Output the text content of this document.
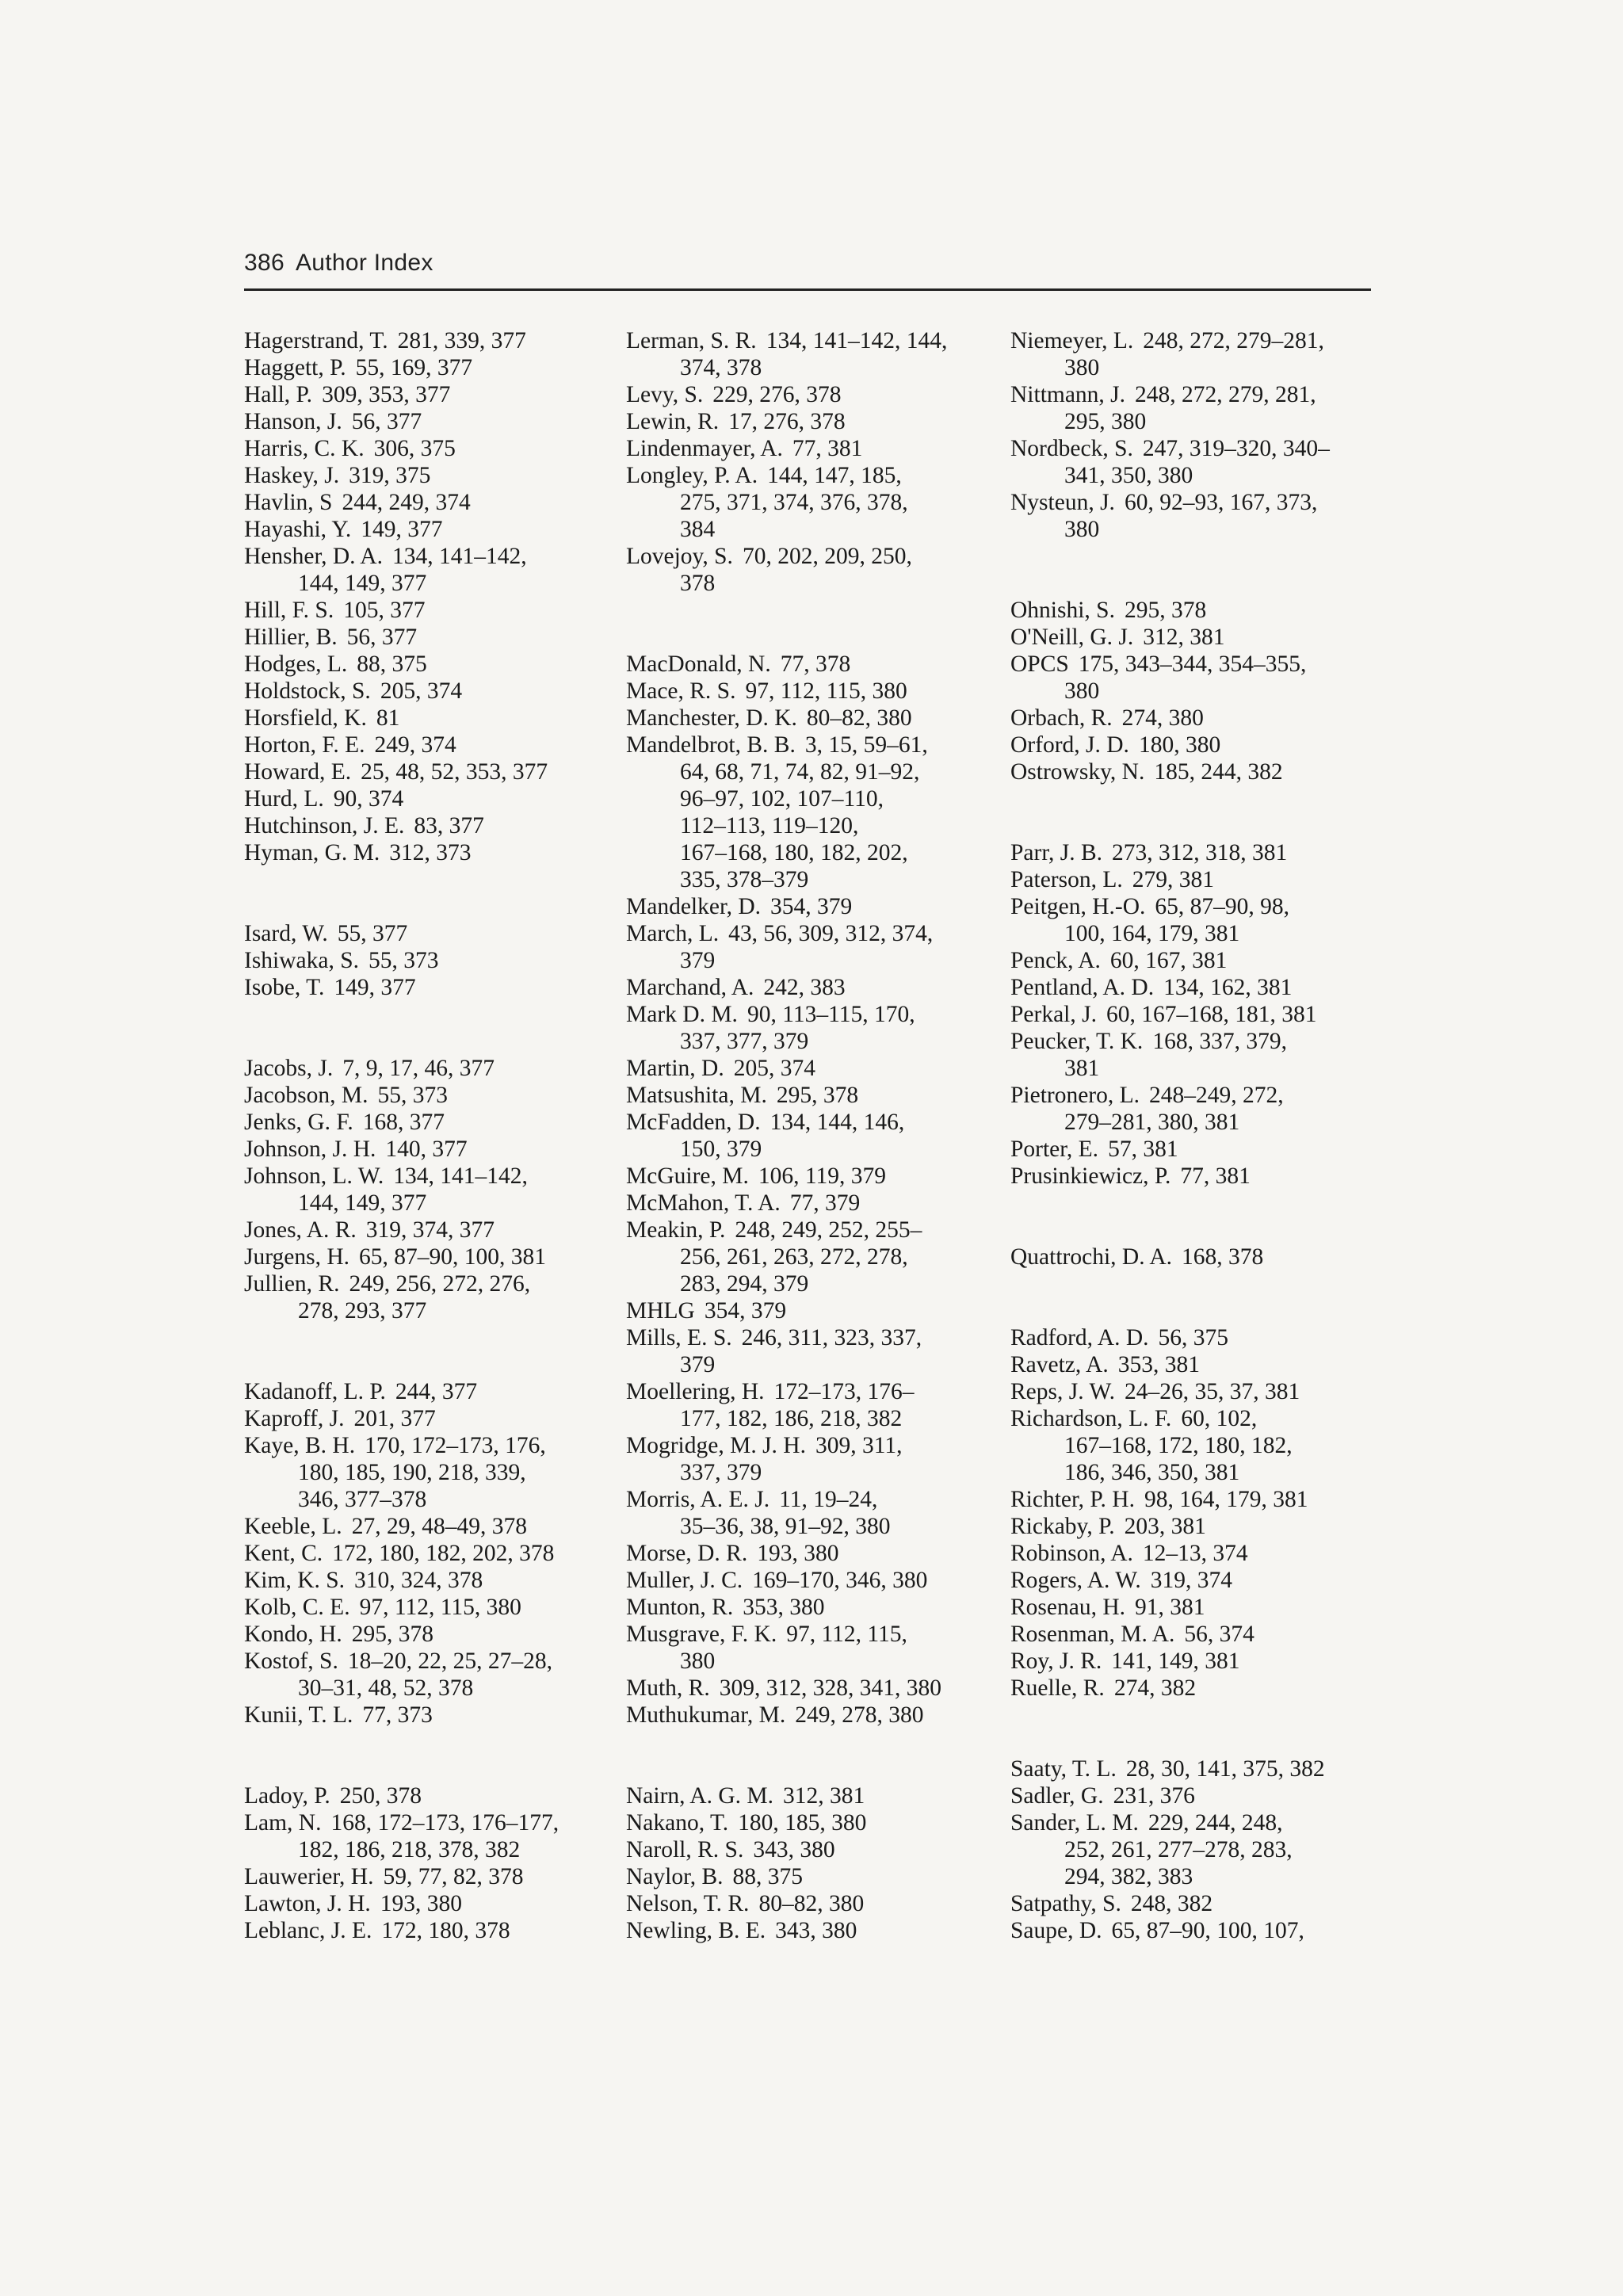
386 Author Index
Hagerstrand, T. 281, 339, 377
Haggett, P. 55, 169, 377
Hall, P. 309, 353, 377
Hanson, J. 56, 377
Harris, C. K. 306, 375
Haskey, J. 319, 375
Havlin, S 244, 249, 374
Hayashi, Y. 149, 377
Hensher, D. A. 134, 141–142,
144, 149, 377
Hill, F. S. 105, 377
Hillier, B. 56, 377
Hodges, L. 88, 375
Holdstock, S. 205, 374
Horsfield, K. 81
Horton, F. E. 249, 374
Howard, E. 25, 48, 52, 353, 377
Hurd, L. 90, 374
Hutchinson, J. E. 83, 377
Hyman, G. M. 312, 373
Isard, W. 55, 377
Ishiwaka, S. 55, 373
Isobe, T. 149, 377
Jacobs, J. 7, 9, 17, 46, 377
Jacobson, M. 55, 373
Jenks, G. F. 168, 377
Johnson, J. H. 140, 377
Johnson, L. W. 134, 141–142,
144, 149, 377
Jones, A. R. 319, 374, 377
Jurgens, H. 65, 87–90, 100, 381
Jullien, R. 249, 256, 272, 276,
278, 293, 377
Kadanoff, L. P. 244, 377
Kaproff, J. 201, 377
Kaye, B. H. 170, 172–173, 176,
180, 185, 190, 218, 339,
346, 377–378
Keeble, L. 27, 29, 48–49, 378
Kent, C. 172, 180, 182, 202, 378
Kim, K. S. 310, 324, 378
Kolb, C. E. 97, 112, 115, 380
Kondo, H. 295, 378
Kostof, S. 18–20, 22, 25, 27–28,
30–31, 48, 52, 378
Kunii, T. L. 77, 373
Ladoy, P. 250, 378
Lam, N. 168, 172–173, 176–177,
182, 186, 218, 378, 382
Lauwerier, H. 59, 77, 82, 378
Lawton, J. H. 193, 380
Leblanc, J. E. 172, 180, 378
Lerman, S. R. 134, 141–142, 144,
374, 378
Levy, S. 229, 276, 378
Lewin, R. 17, 276, 378
Lindenmayer, A. 77, 381
Longley, P. A. 144, 147, 185,
275, 371, 374, 376, 378,
384
Lovejoy, S. 70, 202, 209, 250,
378
MacDonald, N. 77, 378
Mace, R. S. 97, 112, 115, 380
Manchester, D. K. 80–82, 380
Mandelbrot, B. B. 3, 15, 59–61,
64, 68, 71, 74, 82, 91–92,
96–97, 102, 107–110,
112–113, 119–120,
167–168, 180, 182, 202,
335, 378–379
Mandelker, D. 354, 379
March, L. 43, 56, 309, 312, 374,
379
Marchand, A. 242, 383
Mark D. M. 90, 113–115, 170,
337, 377, 379
Martin, D. 205, 374
Matsushita, M. 295, 378
McFadden, D. 134, 144, 146,
150, 379
McGuire, M. 106, 119, 379
McMahon, T. A. 77, 379
Meakin, P. 248, 249, 252, 255–
256, 261, 263, 272, 278,
283, 294, 379
MHLG 354, 379
Mills, E. S. 246, 311, 323, 337,
379
Moellering, H. 172–173, 176–
177, 182, 186, 218, 382
Mogridge, M. J. H. 309, 311,
337, 379
Morris, A. E. J. 11, 19–24,
35–36, 38, 91–92, 380
Morse, D. R. 193, 380
Muller, J. C. 169–170, 346, 380
Munton, R. 353, 380
Musgrave, F. K. 97, 112, 115,
380
Muth, R. 309, 312, 328, 341, 380
Muthukumar, M. 249, 278, 380
Nairn, A. G. M. 312, 381
Nakano, T. 180, 185, 380
Naroll, R. S. 343, 380
Naylor, B. 88, 375
Nelson, T. R. 80–82, 380
Newling, B. E. 343, 380
Niemeyer, L. 248, 272, 279–281,
380
Nittmann, J. 248, 272, 279, 281,
295, 380
Nordbeck, S. 247, 319–320, 340–
341, 350, 380
Nysteun, J. 60, 92–93, 167, 373,
380
Ohnishi, S. 295, 378
O'Neill, G. J. 312, 381
OPCS 175, 343–344, 354–355,
380
Orbach, R. 274, 380
Orford, J. D. 180, 380
Ostrowsky, N. 185, 244, 382
Parr, J. B. 273, 312, 318, 381
Paterson, L. 279, 381
Peitgen, H.-O. 65, 87–90, 98,
100, 164, 179, 381
Penck, A. 60, 167, 381
Pentland, A. D. 134, 162, 381
Perkal, J. 60, 167–168, 181, 381
Peucker, T. K. 168, 337, 379,
381
Pietronero, L. 248–249, 272,
279–281, 380, 381
Porter, E. 57, 381
Prusinkiewicz, P. 77, 381
Quattrochi, D. A. 168, 378
Radford, A. D. 56, 375
Ravetz, A. 353, 381
Reps, J. W. 24–26, 35, 37, 381
Richardson, L. F. 60, 102,
167–168, 172, 180, 182,
186, 346, 350, 381
Richter, P. H. 98, 164, 179, 381
Rickaby, P. 203, 381
Robinson, A. 12–13, 374
Rogers, A. W. 319, 374
Rosenau, H. 91, 381
Rosenman, M. A. 56, 374
Roy, J. R. 141, 149, 381
Ruelle, R. 274, 382
Saaty, T. L. 28, 30, 141, 375, 382
Sadler, G. 231, 376
Sander, L. M. 229, 244, 248,
252, 261, 277–278, 283,
294, 382, 383
Satpathy, S. 248, 382
Saupe, D. 65, 87–90, 100, 107,
